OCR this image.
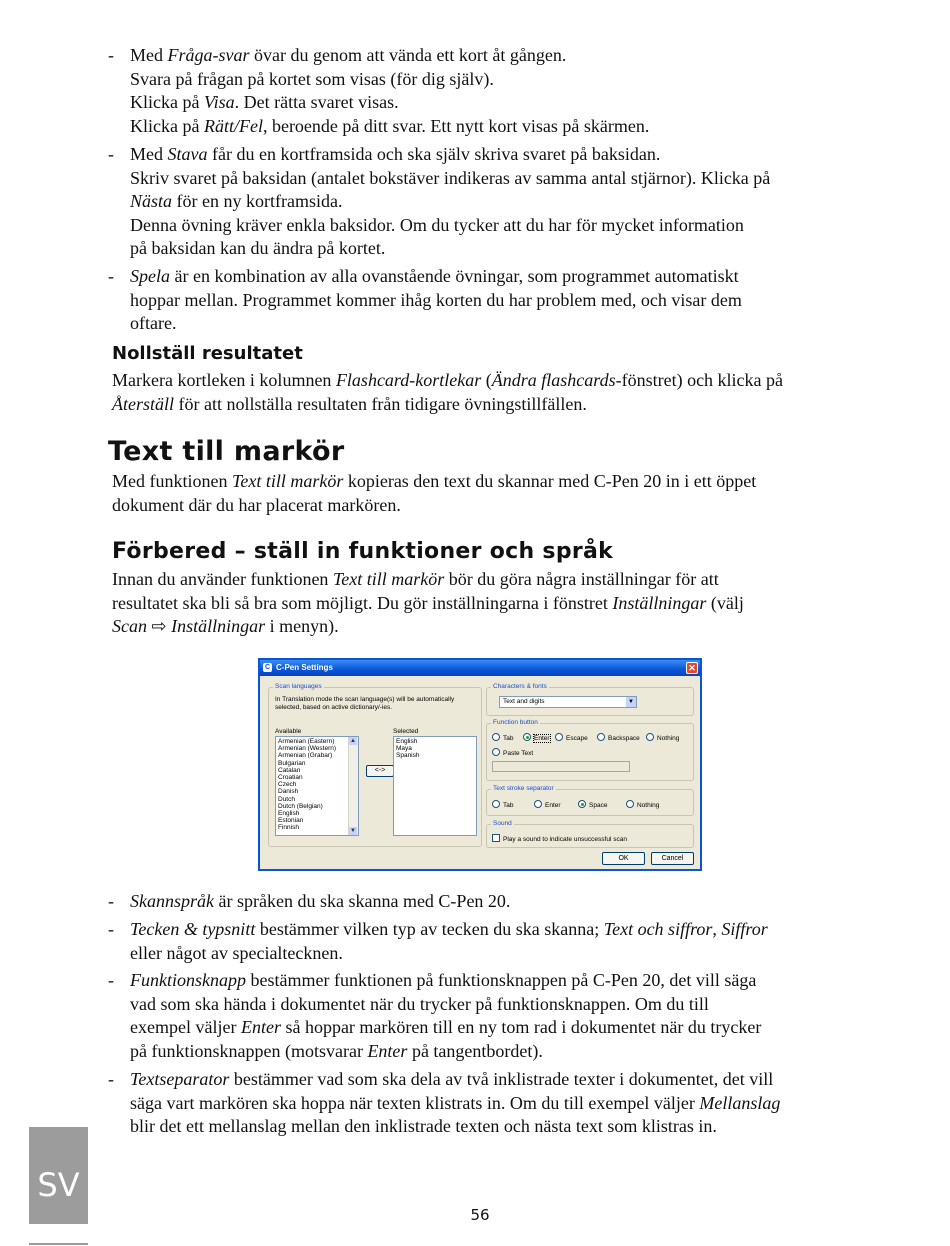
- Med Fråga-svar övar du genom att vända ett kort åt gången.
Svara på frågan på kortet som visas (för dig själv).
Klicka på Visa. Det rätta svaret visas.
Klicka på Rätt/Fel, beroende på ditt svar. Ett nytt kort visas på skärmen.
- Med Stava får du en kortframsida och ska själv skriva svaret på baksidan.
Skriv svaret på baksidan (antalet bokstäver indikeras av samma antal stjärnor). Klicka på
Nästa för en ny kortframsida.
Denna övning kräver enkla baksidor. Om du tycker att du har för mycket information
på baksidan kan du ändra på kortet.
- Spela är en kombination av alla ovanstående övningar, som programmet automatiskt
hoppar mellan. Programmet kommer ihåg korten du har problem med, och visar dem
oftare.
Nollställ resultatet
Markera kortleken i kolumnen Flashcard-kortlekar (Ändra flashcards-fönstret) och klicka på
Återställ för att nollställa resultaten från tidigare övningstillfällen.
Text till markör
Med funktionen Text till markör kopieras den text du skannar med C-Pen 20 in i ett öppet
dokument där du har placerat markören.
Förbered – ställ in funktioner och språk
Innan du använder funktionen Text till markör bör du göra några inställningar för att
resultatet ska bli så bra som möjligt. Du gör inställningarna i fönstret Inställningar (välj
Scan ⇨ Inställningar i menyn).
C C-Pen Settings	✕
Scan languages
In Translation mode the scan language(s) will be automatically selected, based on active dictionary/-ies.
Available
Armenian (Eastern)
Armenian (Western)
Armenian (Grabar)
Bulgarian
Catalan
Croatian
Czech
Danish
Dutch
Dutch (Belgian)
English
Estonian
Finnish
▲
▼
<->
Selected
English
Maya
Spanish
Characters & fonts
Text and digits	▼
Function button
Tab	Enter	Escape	Backspace	Nothing
Paste Text
Text stroke separator
Tab	Enter	Space	Nothing
Sound
Play a sound to indicate unsuccessful scan
OK	Cancel
- Skannspråk är språken du ska skanna med C-Pen 20.
- Tecken & typsnitt bestämmer vilken typ av tecken du ska skanna; Text och siffror, Siffror
eller något av specialtecknen.
- Funktionsknapp bestämmer funktionen på funktionsknappen på C-Pen 20, det vill säga
vad som ska hända i dokumentet när du trycker på funktionsknappen. Om du till
exempel väljer Enter så hoppar markören till en ny tom rad i dokumentet när du trycker
på funktionsknappen (motsvarar Enter på tangentbordet).
- Textseparator bestämmer vad som ska dela av två inklistrade texter i dokumentet, det vill
säga vart markören ska hoppa när texten klistrats in. Om du till exempel väljer Mellanslag
blir det ett mellanslag mellan den inklistrade texten och nästa text som klistras in.
SV
56
